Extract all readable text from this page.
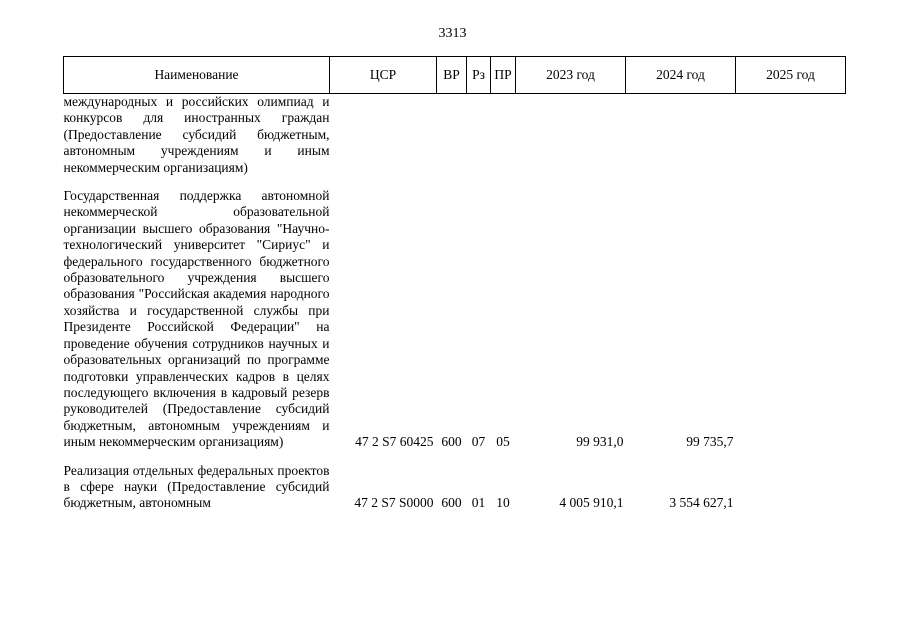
3313
Наименование	ЦСР	ВР	Рз	ПР	2023 год	2024 год	2025 год
международных и российских олимпиад и конкурсов для иностранных граждан (Предоставление субсидий бюджетным, автономным учреждениям и иным некоммерческим организациям)							
Государственная поддержка автономной некоммерческой образовательной организации высшего образования "Научно-технологический университет "Сириус" и федерального государственного бюджетного образовательного учреждения высшего образования "Российская академия народного хозяйства и государственной службы при Президенте Российской Федерации" на проведение обучения сотрудников научных и образовательных организаций по программе подготовки управленческих кадров в целях последующего включения в кадровый резерв руководителей (Предоставление субсидий бюджетным, автономным учреждениям и иным некоммерческим организациям)	47 2 S7 60425	600	07	05	99 931,0	99 735,7	
Реализация отдельных федеральных проектов в сфере науки (Предоставление субсидий бюджетным, автономным	47 2 S7 S0000	600	01	10	4 005 910,1	3 554 627,1	
